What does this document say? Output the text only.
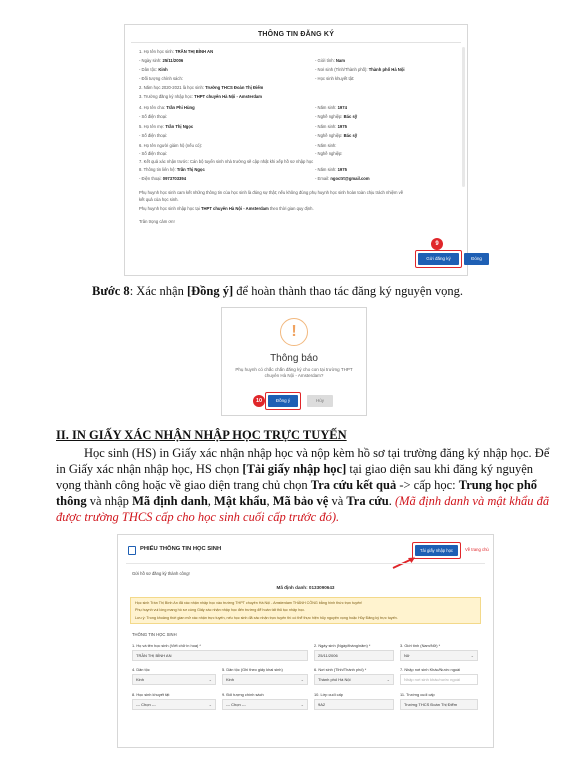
THÔNG TIN ĐĂNG KÝ
1. Họ tên học sinh: TRẦN THỊ BÌNH AN
- Ngày sinh: 25/11/2006	- Giới tính: Nam
- Dân tộc: Kinh	- Nơi sinh (Tỉnh/Thành phố): Thành phố Hà Nội
- Đối tượng chính sách:	- Học sinh khuyết tật:
2. Năm học 2020-2021 là học sinh: Trường THCS Đoàn Thị Điểm
3. Trường đăng ký nhập học: THPT chuyên Hà Nội - Amsterdam
4. Họ tên cha: Trần Phi Hùng	- Năm sinh: 1974
- Số điện thoại:	- Nghề nghiệp: Bác sỹ
5. Họ tên mẹ: Trần Thị Ngọc	- Năm sinh: 1975
- Số điện thoại:	- Nghề nghiệp: Bác sỹ
6. Họ tên người giám hộ (nếu có):	- Năm sinh:
- Số điện thoại:	- Nghề nghiệp:
7. Kết quả xác nhận trước: Cán bộ tuyển sinh nhà trường sẽ cập nhật khi xếp hồ sơ nhập học
8. Thông tin liên hệ: Trần Thị Ngọc	- Năm sinh: 1975
- Điện thoại: 0973703394	- Email: ngoctrt@gmail.com
Phụ huynh học sinh cam kết những thông tin của học sinh là đúng sự thật; nếu không đúng phụ huynh học sinh hoàn toàn chịu trách nhiệm về
kết quả của học sinh.
Phụ huynh học sinh nhập học tại THPT chuyên Hà Nội - Amsterdam theo thời gian quy định.
Trân trọng cảm ơn!
9
Gửi đăng ký	Đóng
Bước 8: Xác nhận [Đồng ý] để hoàn thành thao tác đăng ký nguyện vọng.
!
Thông báo
Phụ huynh có chắc chắn đăng ký cho con tại trường THPT
chuyên Hà Nội - Amsterdam?
10	Đồng ý	Hủy
II. IN GIẤY XÁC NHẬN NHẬP HỌC TRỰC TUYẾN
Học sinh (HS) in Giấy xác nhận nhập học và nộp kèm hồ sơ tại trường đăng ký nhập học. Để
in Giấy xác nhận nhập học, HS chọn [Tải giấy nhập học] tại giao diện sau khi đăng ký nguyện
vọng thành công hoặc về giao diện trang chủ chọn Tra cứu kết quả -> cấp học: Trung học phổ
thông và nhập Mã định danh, Mật khẩu, Mã bảo vệ và Tra cứu. (Mã định danh và mật khẩu đã
được trường THCS cấp cho học sinh cuối cấp trước đó).
PHIẾU THÔNG TIN HỌC SINH	Tải giấy nhập học	Về trang chủ
Gửi hồ sơ đăng ký thành công!
Mã định danh: 0133090643
Học sinh Trần Thị Bình An đã xác nhận nhập học vào trường THPT chuyên Hà Nội - Amsterdam THÀNH CÔNG bằng hình thức trực tuyến!
Phụ huynh vui lòng mang hồ sơ cùng Giấy xác nhận nhập học đến trường để hoàn tất thủ tục nhập học.
Lưu ý: Trong khoảng thời gian mở xác nhận trực tuyến, nếu học sinh đã xác nhận trực tuyến thì có thể thực hiện hủy nguyện vọng hoặc Hủy Đăng ký trực tuyến.
THÔNG TIN HỌC SINH
1. Họ và tên học sinh (Viết chữ in hoa) *
TRẦN THỊ BÌNH AN
2. Ngày sinh (Ngày/tháng/năm) *
25/11/2006
3. Giới tính (Nam/Nữ) *
Nữ	⌄
4. Dân tộc
Kinh	⌄
5. Dân tộc (Ghi theo giấy khai sinh)
Kinh	⌄
6. Nơi sinh (Tỉnh/Thành phố) *
Thành phố Hà Nội	⌄
7. Nhập nơi sinh Khác/Nước ngoài
Nhập nơi sinh khác/nước ngoài
8. Học sinh khuyết tật
--- Chọn ---	⌄
9. Đối tượng chính sách
--- Chọn ---	⌄
10. Lớp cuối cấp
9A2
11. Trường cuối cấp
Trường THCS Đoàn Thị Điểm
